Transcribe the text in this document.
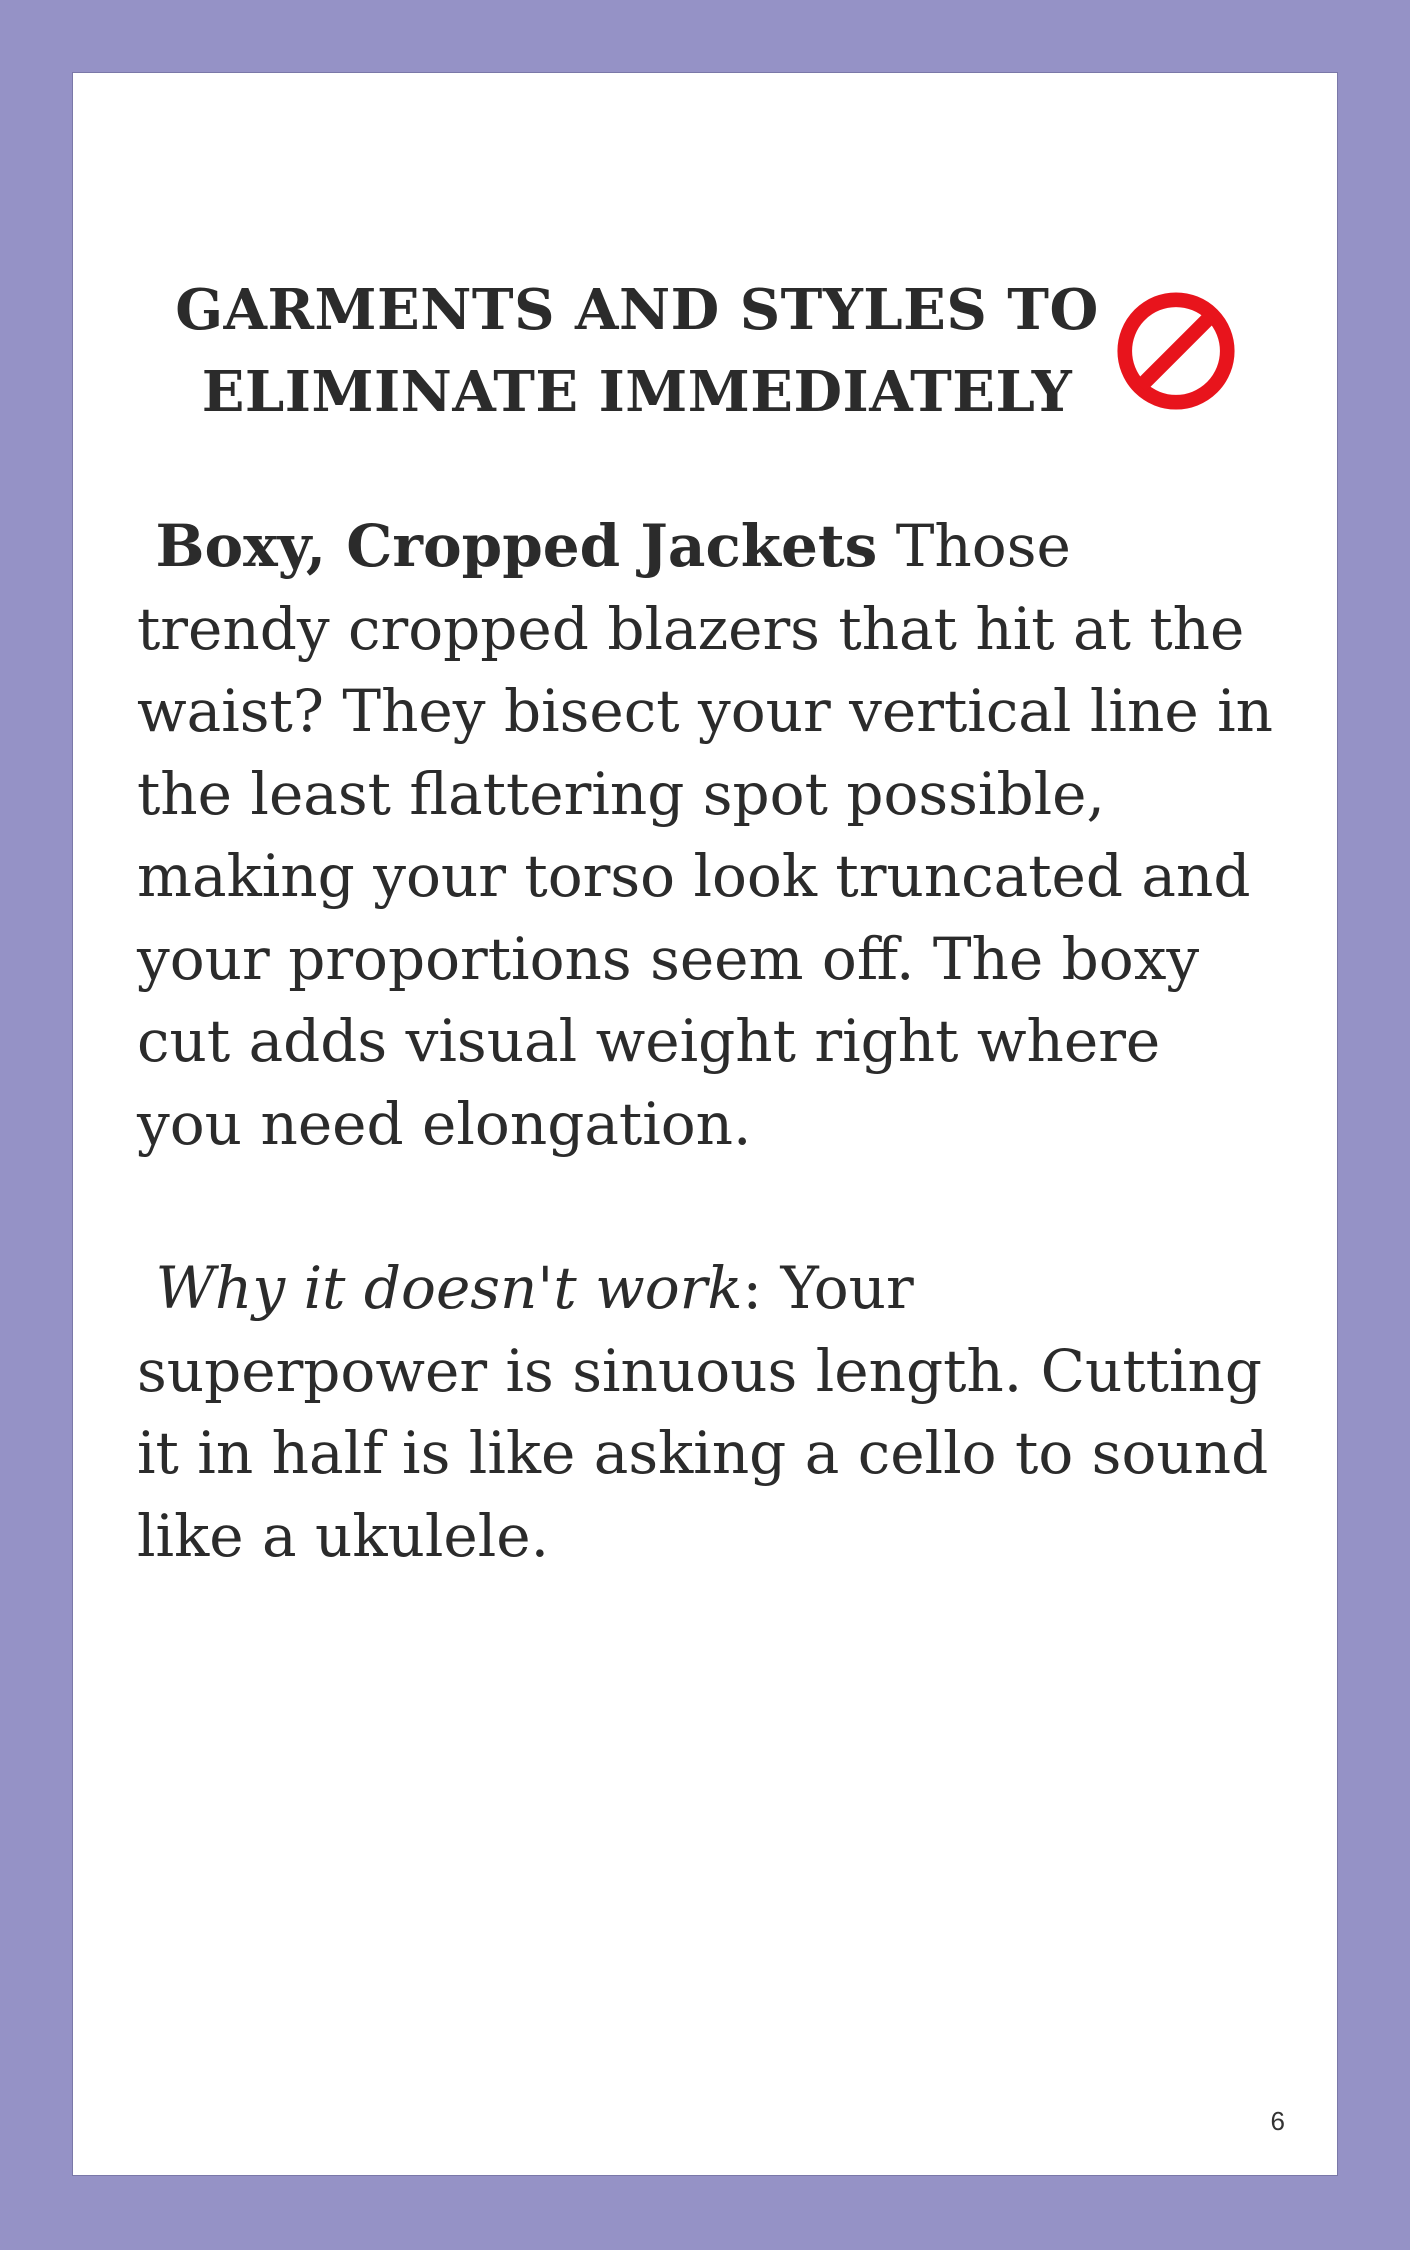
GARMENTS AND STYLES TO
ELIMINATE IMMEDIATELY

Boxy, Cropped Jackets Those trendy cropped blazers that hit at the waist? They bisect your vertical line in the least flattering spot possible, making your torso look truncated and your proportions seem off. The boxy cut adds visual weight right where you need elongation.

Why it doesn't work: Your superpower is sinuous length. Cutting it in half is like asking a cello to sound like a ukulele.

6
